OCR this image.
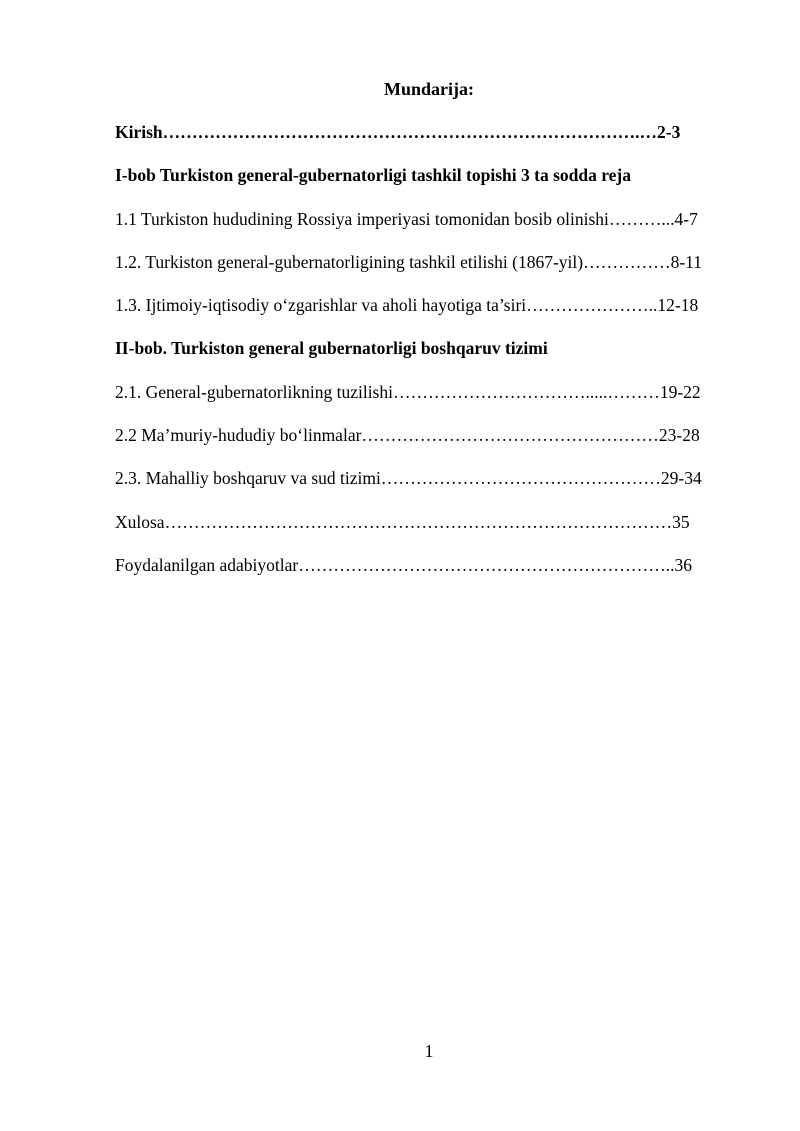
Mundarija:
Kirish……………………………………………………………………….…2-3
I-bob Turkiston general-gubernatorligi tashkil topishi 3 ta sodda reja
1.1 Turkiston hududining Rossiya imperiyasi tomonidan bosib olinishi………...4-7
1.2. Turkiston general-gubernatorligining tashkil etilishi (1867-yil)……………8-11
1.3. Ijtimoiy-iqtisodiy o‘zgarishlar va aholi hayotiga ta’siri…………………..12-18
II-bob. Turkiston general gubernatorligi boshqaruv tizimi
2.1. General-gubernatorlikning tuzilishi…………………………….....………19-22
2.2 Ma’muriy-hududiy bo‘linmalar……………………………………………23-28
2.3. Mahalliy boshqaruv va sud tizimi…………………………………………29-34
Xulosa……………………………………………………………………………35
Foydalanilgan adabiyotlar………………………………………………………..36
1
